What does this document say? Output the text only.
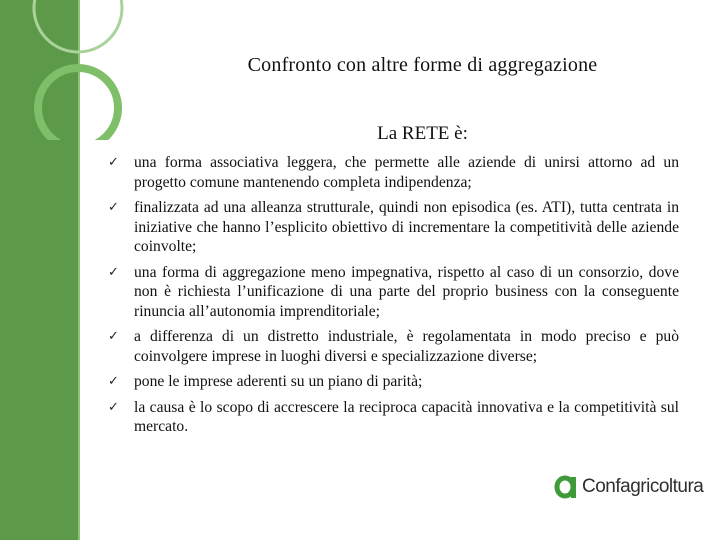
Confronto con altre forme di aggregazione
La RETE è:
✓ una forma associativa leggera, che permette alle aziende di unirsi attorno ad un progetto comune mantenendo completa indipendenza;
✓ finalizzata ad una alleanza strutturale, quindi non episodica (es. ATI), tutta centrata in iniziative che hanno l’esplicito obiettivo di incrementare la competitività delle aziende coinvolte;
✓ una forma di aggregazione meno impegnativa, rispetto al caso di un consorzio, dove non è richiesta l’unificazione di una parte del proprio business con la conseguente rinuncia all’autonomia imprenditoriale;
✓ a differenza di un distretto industriale, è regolamentata in modo preciso e può coinvolgere imprese in luoghi diversi e specializzazione diverse;
✓ pone le imprese aderenti su un piano di parità;
✓ la causa è lo scopo di accrescere la reciproca capacità innovativa e la competitività sul mercato.
Confagricoltura
